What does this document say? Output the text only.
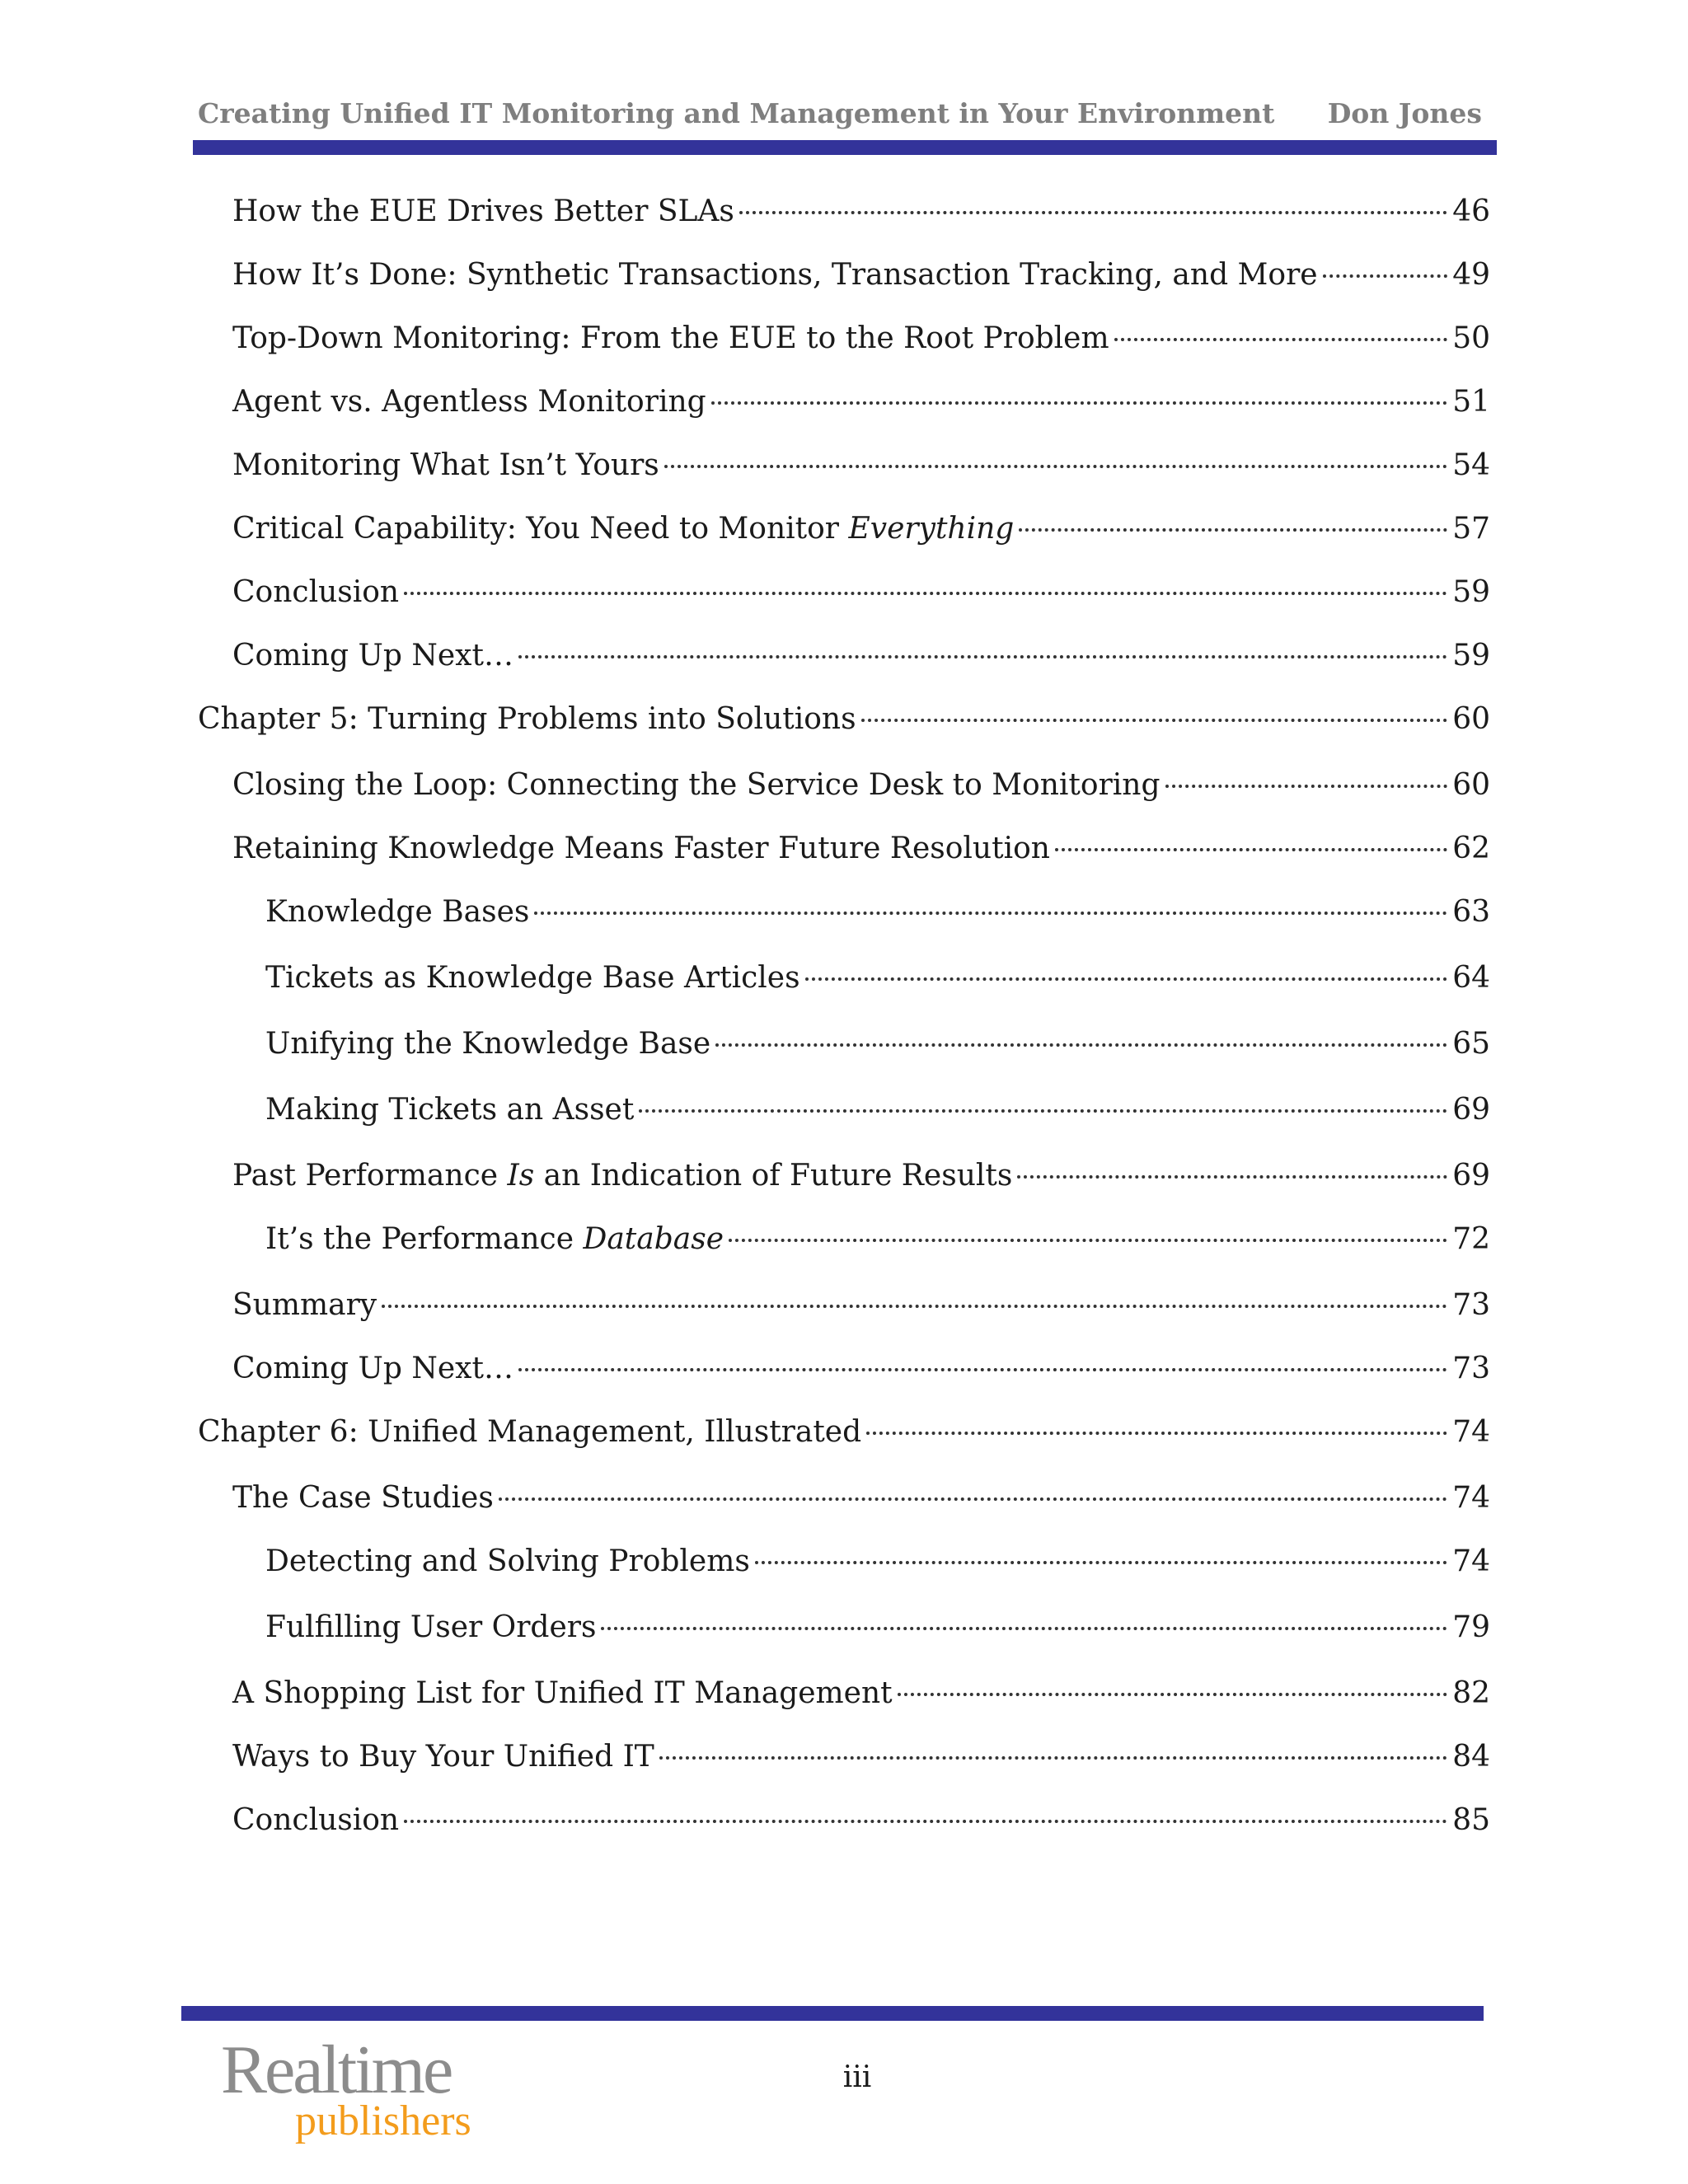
Creating Unified IT Monitoring and Management in Your Environment Don Jones
How the EUE Drives Better SLAs	46
How It’s Done: Synthetic Transactions, Transaction Tracking, and More	49
Top-Down Monitoring: From the EUE to the Root Problem	50
Agent vs. Agentless Monitoring	51
Monitoring What Isn’t Yours	54
Critical Capability: You Need to Monitor Everything	57
Conclusion	59
Coming Up Next…	59
Chapter 5: Turning Problems into Solutions	60
Closing the Loop: Connecting the Service Desk to Monitoring	60
Retaining Knowledge Means Faster Future Resolution	62
Knowledge Bases	63
Tickets as Knowledge Base Articles	64
Unifying the Knowledge Base	65
Making Tickets an Asset	69
Past Performance Is an Indication of Future Results	69
It’s the Performance Database	72
Summary	73
Coming Up Next…	73
Chapter 6: Unified Management, Illustrated	74
The Case Studies	74
Detecting and Solving Problems	74
Fulfilling User Orders	79
A Shopping List for Unified IT Management	82
Ways to Buy Your Unified IT	84
Conclusion	85
Realtime
publishers
iii
